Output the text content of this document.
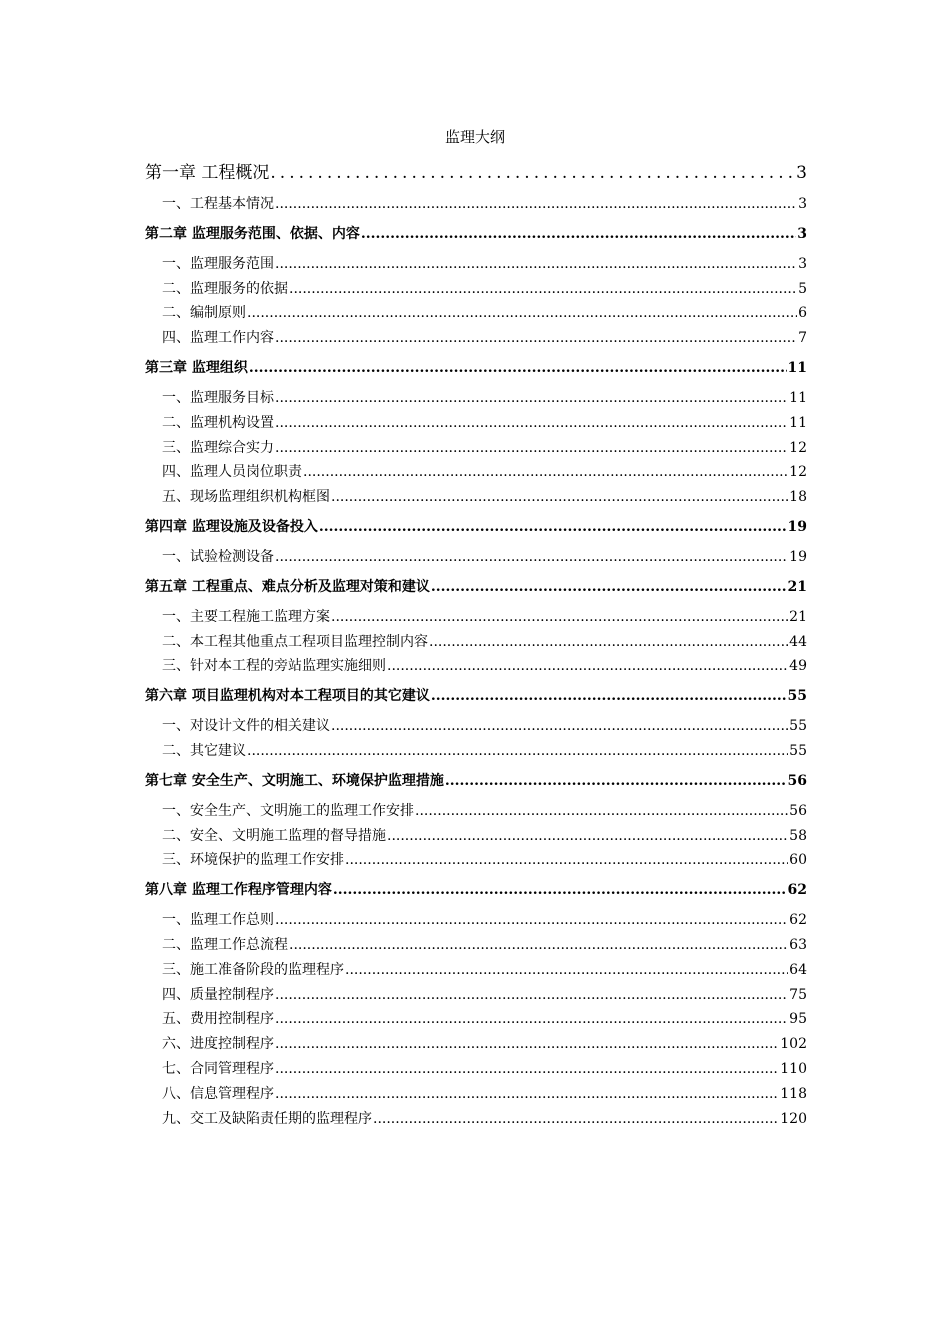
监理大纲
第一章 工程概况 .....	3
一、工程基本情况 .....	3
第二章 监理服务范围、依据、内容 .....	3
一、监理服务范围 .....	3
二、监理服务的依据 .....	5
二、编制原则 .....	6
四、监理工作内容 .....	7
第三章 监理组织 .....	11
一、监理服务目标 .....	11
二、监理机构设置 .....	11
三、监理综合实力 .....	12
四、监理人员岗位职责 .....	12
五、现场监理组织机构框图 .....	18
第四章 监理设施及设备投入 .....	19
一、试验检测设备 .....	19
第五章 工程重点、难点分析及监理对策和建议 .....	21
一、主要工程施工监理方案 .....	21
二、本工程其他重点工程项目监理控制内容 .....	44
三、针对本工程的旁站监理实施细则 .....	49
第六章 项目监理机构对本工程项目的其它建议 .....	55
一、对设计文件的相关建议 .....	55
二、其它建议 .....	55
第七章 安全生产、文明施工、环境保护监理措施 .....	56
一、安全生产、文明施工的监理工作安排 .....	56
二、安全、文明施工监理的督导措施 .....	58
三、环境保护的监理工作安排 .....	60
第八章 监理工作程序管理内容 .....	62
一、监理工作总则 .....	62
二、监理工作总流程 .....	63
三、施工准备阶段的监理程序 .....	64
四、质量控制程序 .....	75
五、费用控制程序 .....	95
六、进度控制程序 .....	102
七、合同管理程序 .....	110
八、信息管理程序 .....	118
九、交工及缺陷责任期的监理程序 .....	120
